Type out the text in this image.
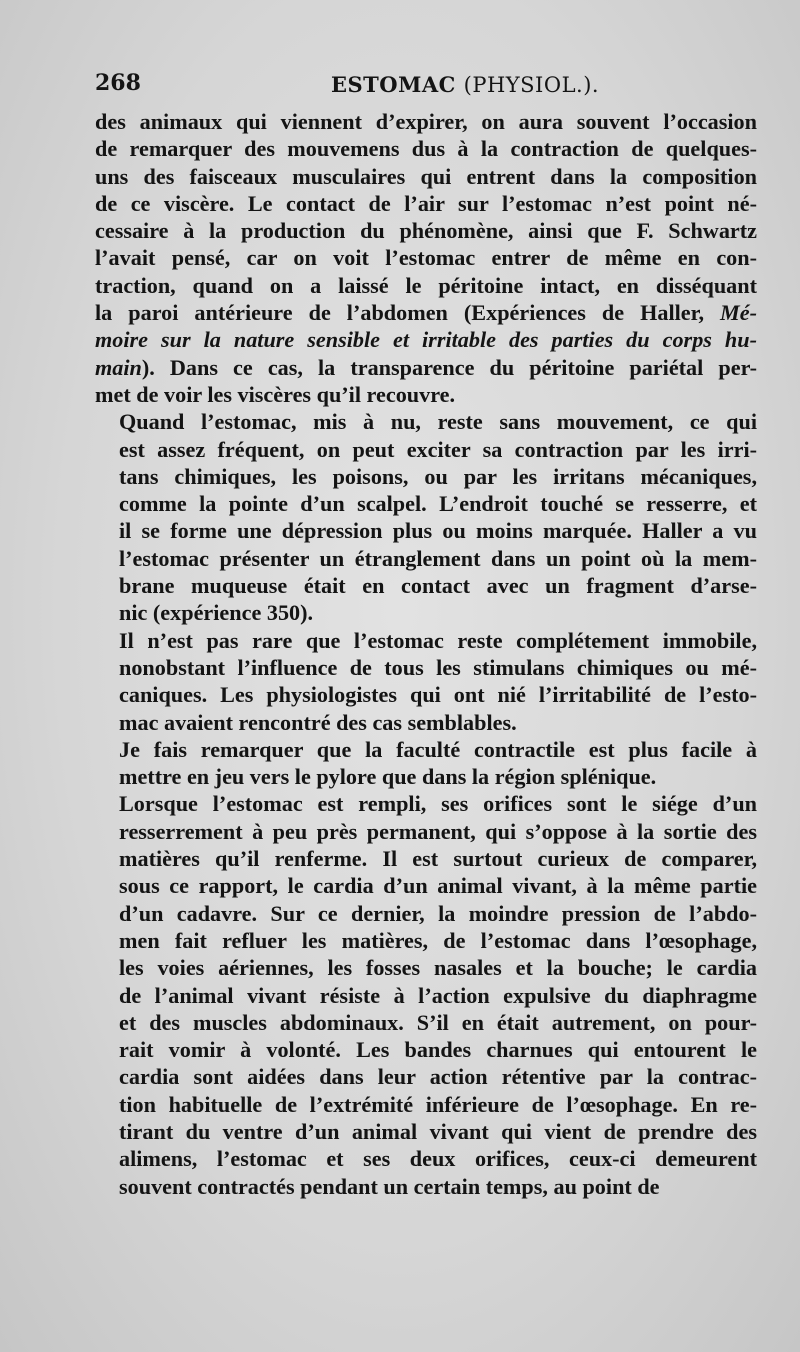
268	ESTOMAC (PHYSIOL.).
des animaux qui viennent d’expirer, on aura souvent l’occasion
de remarquer des mouvemens dus à la contraction de quelques-
uns des faisceaux musculaires qui entrent dans la composition
de ce viscère. Le contact de l’air sur l’estomac n’est point né-
cessaire à la production du phénomène, ainsi que F. Schwartz
l’avait pensé, car on voit l’estomac entrer de même en con-
traction, quand on a laissé le péritoine intact, en disséquant
la paroi antérieure de l’abdomen (Expériences de Haller, Mé-
moire sur la nature sensible et irritable des parties du corps hu-
main). Dans ce cas, la transparence du péritoine pariétal per-
met de voir les viscères qu’il recouvre.
Quand l’estomac, mis à nu, reste sans mouvement, ce qui
est assez fréquent, on peut exciter sa contraction par les irri-
tans chimiques, les poisons, ou par les irritans mécaniques,
comme la pointe d’un scalpel. L’endroit touché se resserre, et
il se forme une dépression plus ou moins marquée. Haller a vu
l’estomac présenter un étranglement dans un point où la mem-
brane muqueuse était en contact avec un fragment d’arse-
nic (expérience 350).
Il n’est pas rare que l’estomac reste complétement immobile,
nonobstant l’influence de tous les stimulans chimiques ou mé-
caniques. Les physiologistes qui ont nié l’irritabilité de l’esto-
mac avaient rencontré des cas semblables.
Je fais remarquer que la faculté contractile est plus facile à
mettre en jeu vers le pylore que dans la région splénique.
Lorsque l’estomac est rempli, ses orifices sont le siége d’un
resserrement à peu près permanent, qui s’oppose à la sortie des
matières qu’il renferme. Il est surtout curieux de comparer,
sous ce rapport, le cardia d’un animal vivant, à la même partie
d’un cadavre. Sur ce dernier, la moindre pression de l’abdo-
men fait refluer les matières, de l’estomac dans l’œsophage,
les voies aériennes, les fosses nasales et la bouche; le cardia
de l’animal vivant résiste à l’action expulsive du diaphragme
et des muscles abdominaux. S’il en était autrement, on pour-
rait vomir à volonté. Les bandes charnues qui entourent le
cardia sont aidées dans leur action rétentive par la contrac-
tion habituelle de l’extrémité inférieure de l’œsophage. En re-
tirant du ventre d’un animal vivant qui vient de prendre des
alimens, l’estomac et ses deux orifices, ceux-ci demeurent
souvent contractés pendant un certain temps, au point de
